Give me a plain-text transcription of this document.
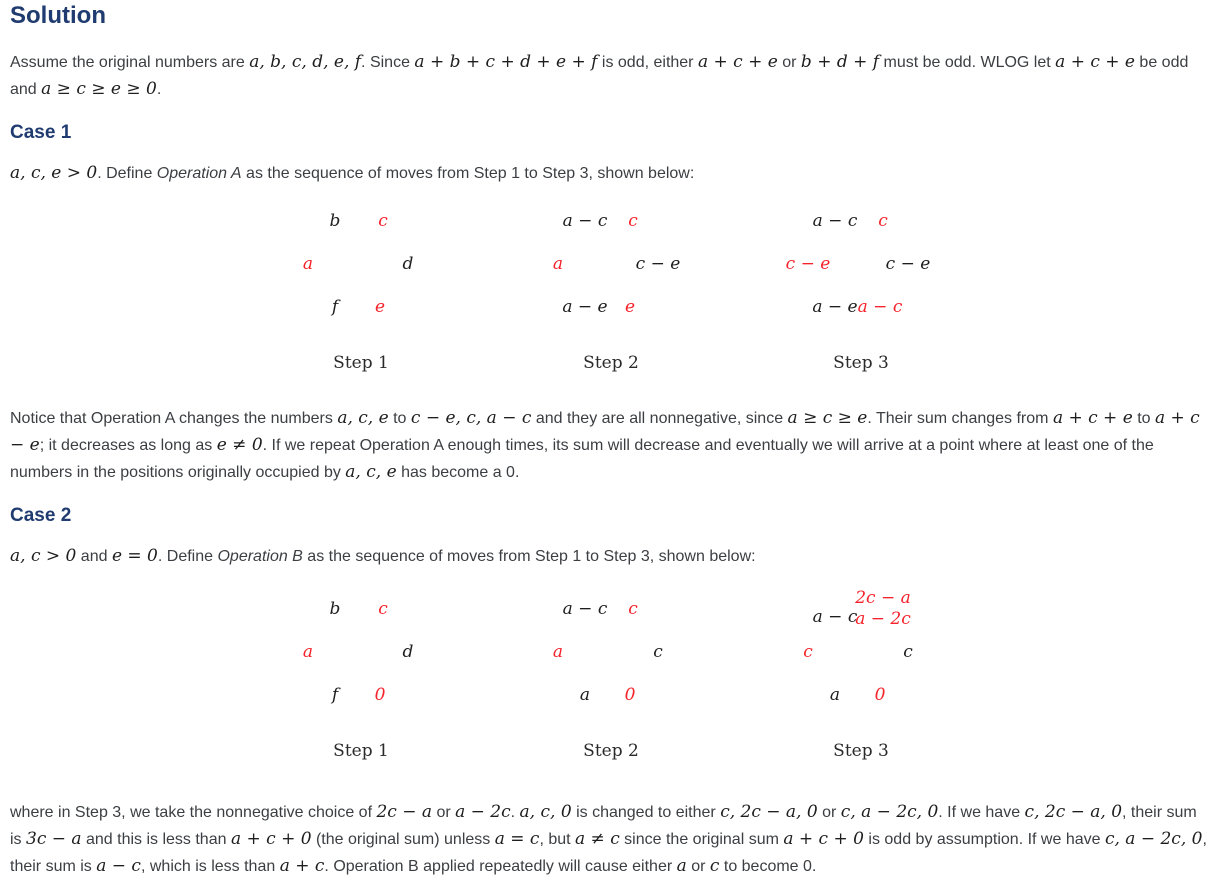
Solution

Assume the original numbers are a, b, c, d, e, f. Since a + b + c + d + e + f is odd, either a + c + e or b + d + f must be odd. WLOG let a + c + e be odd and a ≥ c ≥ e ≥ 0.

Case 1

a, c, e > 0. Define Operation A as the sequence of moves from Step 1 to Step 3, shown below:

b c
a	d
f e
Step 1
a − c c
a	c − e
a − e e
Step 2
a − c c
c − e	c − e
a − e a − c
Step 3

Notice that Operation A changes the numbers a, c, e to c − e, c, a − c and they are all nonnegative, since a ≥ c ≥ e. Their sum changes from a + c + e to a + c − e; it decreases as long as e ≠ 0. If we repeat Operation A enough times, its sum will decrease and eventually we will arrive at a point where at least one of the numbers in the positions originally occupied by a, c, e has become a 0.

Case 2

a, c > 0 and e = 0. Define Operation B as the sequence of moves from Step 1 to Step 3, shown below:

b c
a	d
f 0
Step 1
a − c c
a	c
a 0
Step 2
a − c
2c − a
a − 2c
c	c
a 0
Step 3

where in Step 3, we take the nonnegative choice of 2c − a or a − 2c. a, c, 0 is changed to either c, 2c − a, 0 or c, a − 2c, 0. If we have c, 2c − a, 0, their sum is 3c − a and this is less than a + c + 0 (the original sum) unless a = c, but a ≠ c since the original sum a + c + 0 is odd by assumption. If we have c, a − 2c, 0, their sum is a − c, which is less than a + c. Operation B applied repeatedly will cause either a or c to become 0.
